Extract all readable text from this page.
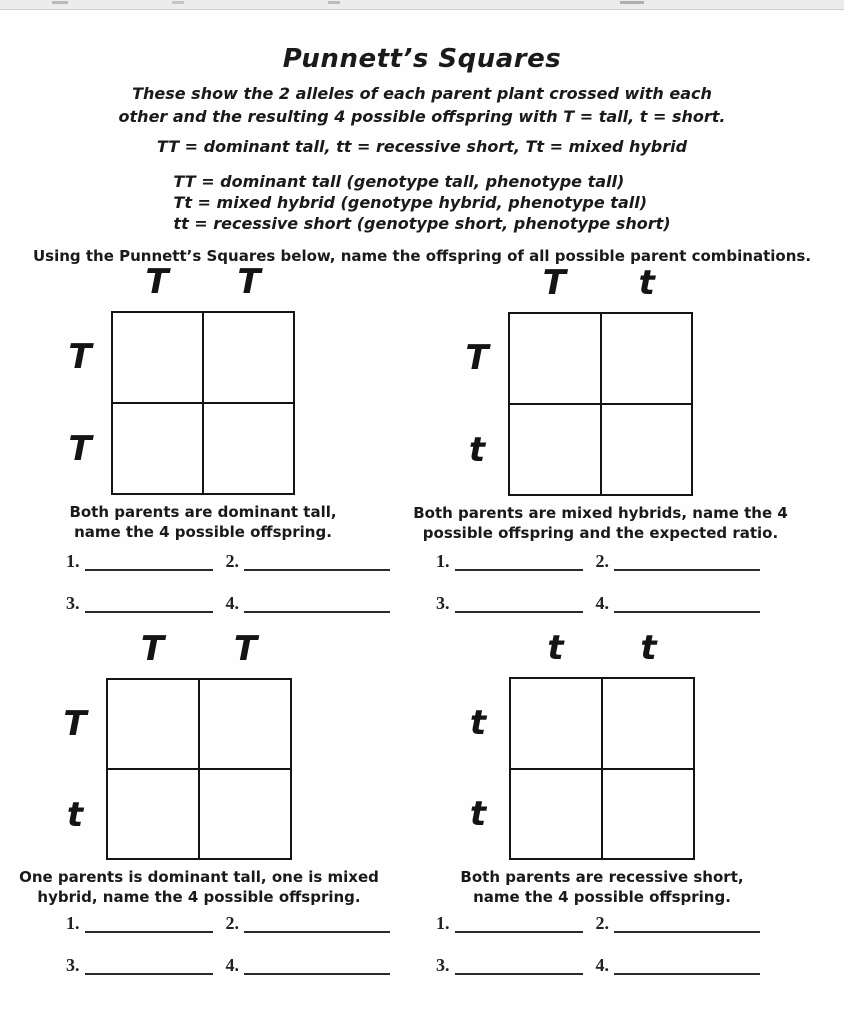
Punnett’s Squares

These show the 2 alleles of each parent plant crossed with each
other and the resulting 4 possible offspring with T = tall, t = short.

TT = dominant tall, tt = recessive short, Tt = mixed hybrid

TT = dominant tall (genotype tall, phenotype tall)
Tt = mixed hybrid (genotype hybrid, phenotype tall)
tt = recessive short (genotype short, phenotype short)

Using the Punnett’s Squares below, name the offspring of all possible parent combinations.

T	T
T
T
Both parents are dominant tall,
name the 4 possible offspring.
T	t
T
t
Both parents are mixed hybrids, name the 4
possible offspring and the expected ratio.
T	T
T
t
One parents is dominant tall, one is mixed
hybrid, name the 4 possible offspring.
t	t
t
t
Both parents are recessive short,
name the 4 possible offspring.
1.	2.
3.	4.
1.	2.
3.	4.
1.	2.
3.	4.
1.	2.
3.	4.
